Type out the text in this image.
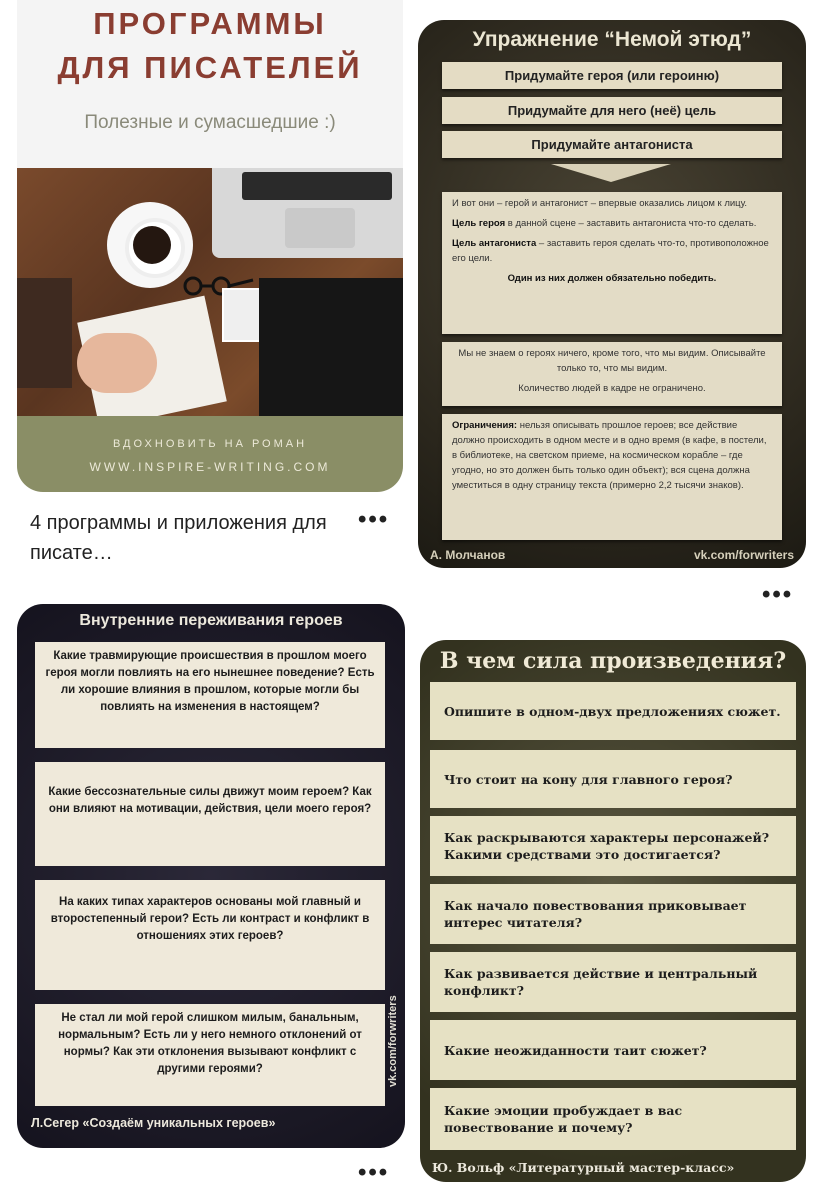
ПРОГРАММЫ
ДЛЯ ПИСАТЕЛЕЙ
Полезные и сумасшедшие :)
ВДОХНОВИТЬ НА РОМАН
WWW.INSPIRE-WRITING.COM
4 программы и приложения для писате…
•••
Упражнение “Немой этюд”
Придумайте героя (или героиню)
Придумайте для него (неё) цель
Придумайте антагониста

И вот они – герой и антагонист – впервые оказались лицом к лицу.

Цель героя в данной сцене – заставить антагониста что-то сделать.

Цель антагониста – заставить героя сделать что-то, противоположное его цели.

Один из них должен обязательно победить.

Мы не знаем о героях ничего, кроме того, что мы видим. Описывайте только то, что мы видим.

Количество людей в кадре не ограничено.

Ограничения: нельзя описывать прошлое героев; все действие должно происходить в одном месте и в одно время (в кафе, в постели, в библиотеке, на светском приеме, на космическом корабле – где угодно, но это должен быть только один объект); вся сцена должна уместиться в одну страницу текста (примерно 2,2 тысячи знаков).

А. Молчанов	vk.com/forwriters
•••
Внутренние переживания героев
Какие травмирующие происшествия в прошлом моего героя могли повлиять на его нынешнее поведение? Есть ли хорошие влияния в прошлом, которые могли бы повлиять на изменения в настоящем?
Какие бессознательные силы движут моим героем? Как они влияют на мотивации, действия, цели моего героя?
На каких типах характеров основаны мой главный и второстепенный герои? Есть ли контраст и конфликт в отношениях этих героев?
Не стал ли мой герой слишком милым, банальным, нормальным? Есть ли у него немного отклонений от нормы? Как эти отклонения вызывают конфликт с другими героями?	vk.com/forwriters
Л.Сегер «Создаём уникальных героев»
•••
В чем сила произведения?
Опишите в одном-двух предложениях сюжет.
Что стоит на кону для главного героя?
Как раскрываются характеры персонажей? Какими средствами это достигается?
Как начало повествования приковывает интерес читателя?
Как развивается действие и центральный конфликт?
Какие неожиданности таит сюжет?
Какие эмоции пробуждает в вас повествование и почему?
Ю. Вольф «Литературный мастер-класс»
